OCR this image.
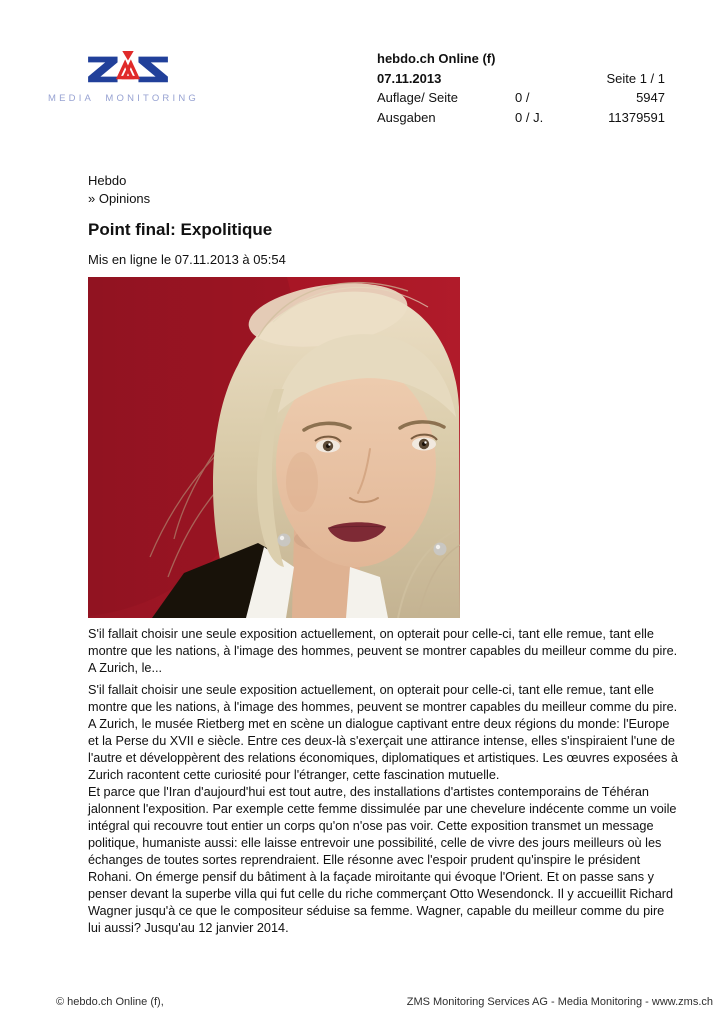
MEDIA MONITORING
hebdo.ch Online (f)
07.11.2013	Seite 1 / 1
Auflage/ Seite	0 /	5947
Ausgaben	0 / J.	11379591
Hebdo
» Opinions
Point final: Expolitique
Mis en ligne le 07.11.2013 à 05:54

S'il fallait choisir une seule exposition actuellement, on opterait pour celle-ci, tant elle remue, tant elle montre que les nations, à l'image des hommes, peuvent se montrer capables du meilleur comme du pire. A Zurich, le...

S'il fallait choisir une seule exposition actuellement, on opterait pour celle-ci, tant elle remue, tant elle montre que les nations, à l'image des hommes, peuvent se montrer capables du meilleur comme du pire. A Zurich, le musée Rietberg met en scène un dialogue captivant entre deux régions du monde: l'Europe et la Perse du XVII e siècle. Entre ces deux-là s'exerçait une attirance intense, elles s'inspiraient l'une de l'autre et développèrent des relations économiques, diplomatiques et artistiques. Les œuvres exposées à Zurich racontent cette curiosité pour l'étranger, cette fascination mutuelle.

Et parce que l'Iran d'aujourd'hui est tout autre, des installations d'artistes contemporains de Téhéran jalonnent l'exposition. Par exemple cette femme dissimulée par une chevelure indécente comme un voile intégral qui recouvre tout entier un corps qu'on n'ose pas voir. Cette exposition transmet un message politique, humaniste aussi: elle laisse entrevoir une possibilité, celle de vivre des jours meilleurs où les échanges de toutes sortes reprendraient. Elle résonne avec l'espoir prudent qu'inspire le président Rohani. On émerge pensif du bâtiment à la façade miroitante qui évoque l'Orient. Et on passe sans y penser devant la superbe villa qui fut celle du riche commerçant Otto Wesendonck. Il y accueillit Richard Wagner jusqu'à ce que le compositeur séduise sa femme. Wagner, capable du meilleur comme du pire lui aussi? Jusqu'au 12 janvier 2014.

© hebdo.ch Online (f),	ZMS Monitoring Services AG - Media Monitoring - www.zms.ch
